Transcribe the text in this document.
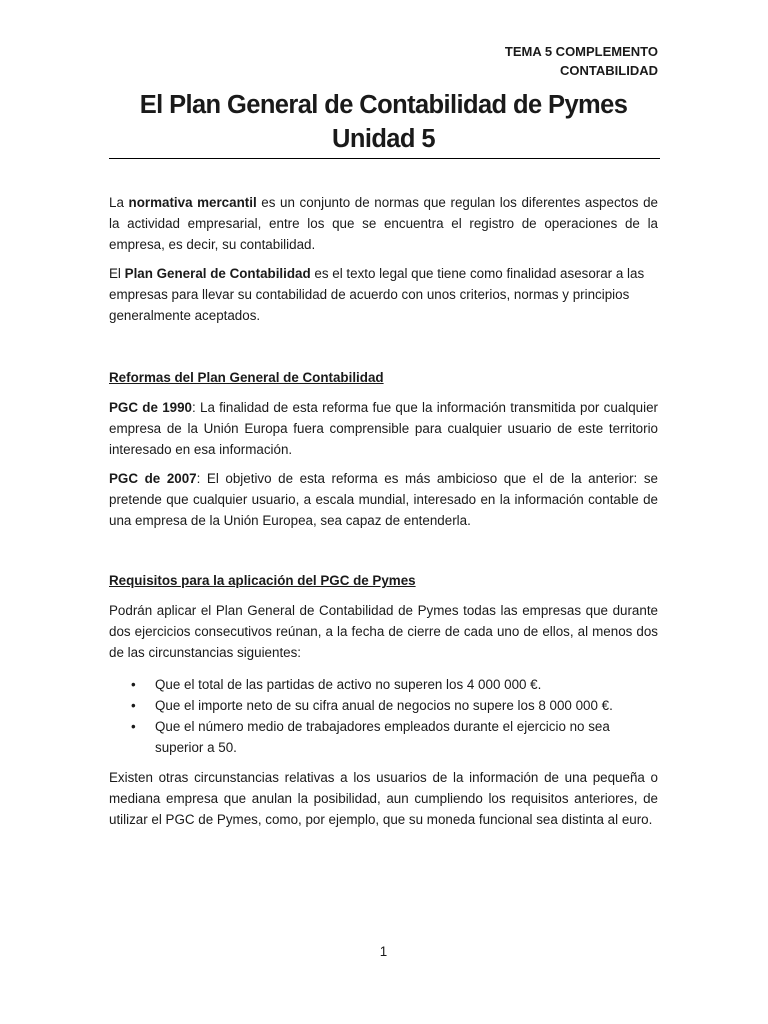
TEMA 5 COMPLEMENTO
CONTABILIDAD
El Plan General de Contabilidad de Pymes
Unidad 5

La normativa mercantil es un conjunto de normas que regulan los diferentes aspectos de la actividad empresarial, entre los que se encuentra el registro de operaciones de la empresa, es decir, su contabilidad.

El Plan General de Contabilidad es el texto legal que tiene como finalidad asesorar a las empresas para llevar su contabilidad de acuerdo con unos criterios, normas y principios generalmente aceptados.

Reformas del Plan General de Contabilidad

PGC de 1990: La finalidad de esta reforma fue que la información transmitida por cualquier empresa de la Unión Europa fuera comprensible para cualquier usuario de este territorio interesado en esa información.

PGC de 2007: El objetivo de esta reforma es más ambicioso que el de la anterior: se pretende que cualquier usuario, a escala mundial, interesado en la información contable de una empresa de la Unión Europea, sea capaz de entenderla.

Requisitos para la aplicación del PGC de Pymes

Podrán aplicar el Plan General de Contabilidad de Pymes todas las empresas que durante dos ejercicios consecutivos reúnan, a la fecha de cierre de cada uno de ellos, al menos dos de las circunstancias siguientes:

• Que el total de las partidas de activo no superen los 4 000 000 €.
• Que el importe neto de su cifra anual de negocios no supere los 8 000 000 €.
• Que el número medio de trabajadores empleados durante el ejercicio no sea superior a 50.

Existen otras circunstancias relativas a los usuarios de la información de una pequeña o mediana empresa que anulan la posibilidad, aun cumpliendo los requisitos anteriores, de utilizar el PGC de Pymes, como, por ejemplo, que su moneda funcional sea distinta al euro.

1
